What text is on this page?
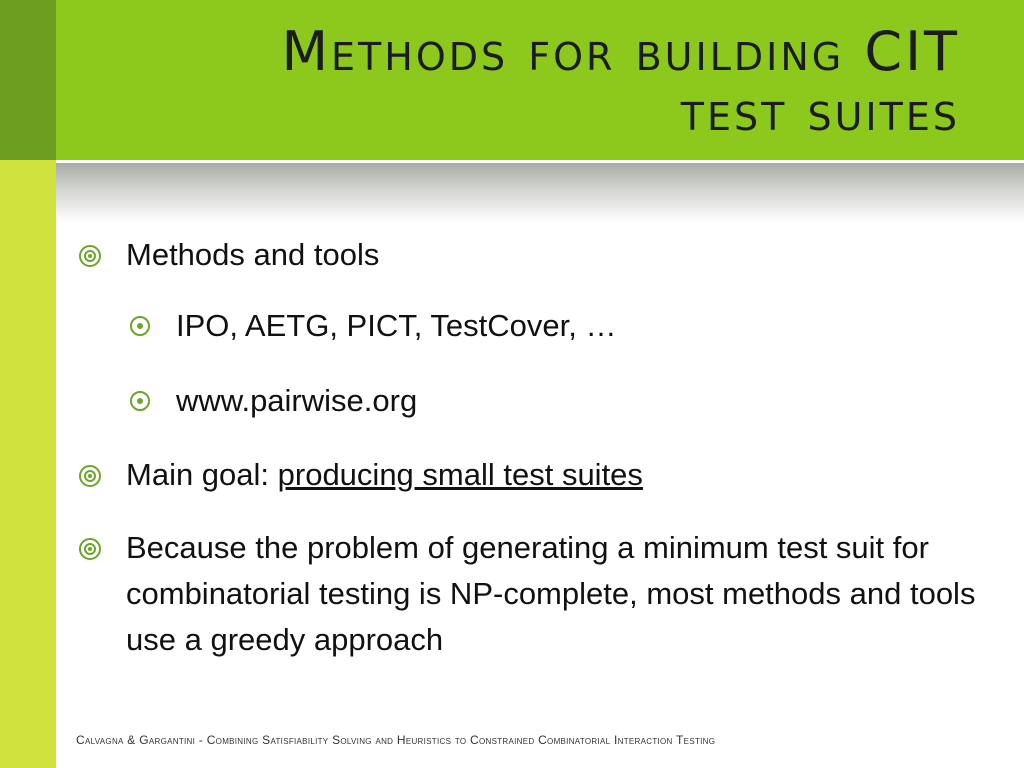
Methods for building CIT
test suites
Methods and tools
IPO, AETG, PICT, TestCover, …
www.pairwise.org
Main goal: producing small test suites
Because the problem of generating a minimum test suit for combinatorial testing is NP-complete, most methods and tools use a greedy approach
Calvagna & Gargantini - Combining Satisfiability Solving and Heuristics to Constrained Combinatorial Interaction Testing
